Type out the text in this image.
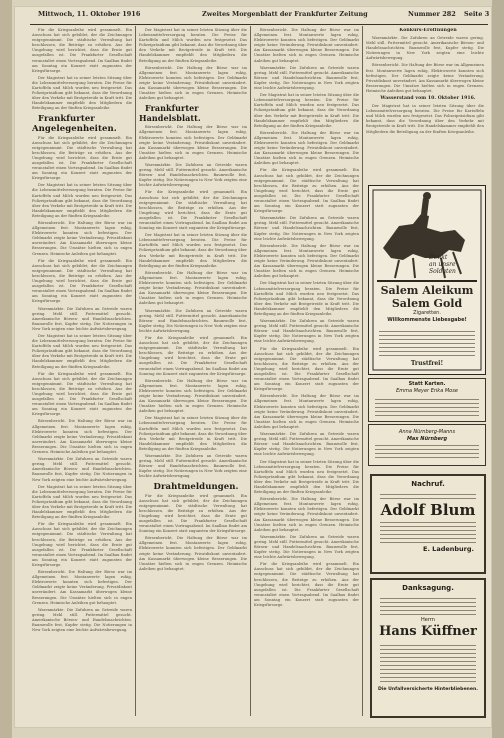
Mittwoch, 11. Oktober 1916	Zweites Morgenblatt der Frankfurter Zeitung	Nummer 282 Seite 3

Für die Kriegsanleihe wird gesammelt. Ein Ausschuss hat sich gebildet, der die Zeichnungen entgegennimmt. Die städtische Verwaltung hat beschlossen, die Beiträge zu erhöhen. Aus der Umgebung wird berichtet, dass die Ernte gut ausgefallen ist. Die Frankfurter Gesellschaft veranstaltet einen Vortragsabend. Im Saalbau findet am Sonntag ein Konzert statt zugunsten der Kriegsfürsorge.

Der Magistrat hat in seiner letzten Sitzung über die Lebensmittelversorgung beraten. Die Preise für Kartoffeln und Milch wurden neu festgesetzt. Das Polizeipräsidium gibt bekannt, dass die Verordnung über den Verkehr mit Brotgetreide in Kraft tritt. Die Handelskammer empfiehlt den Mitgliedern die Beteiligung an der fünften Kriegsanleihe.

Frankfurter Angelegenheiten.

Für die Kriegsanleihe wird gesammelt. Ein Ausschuss hat sich gebildet, der die Zeichnungen entgegennimmt. Die städtische Verwaltung hat beschlossen, die Beiträge zu erhöhen. Aus der Umgebung wird berichtet, dass die Ernte gut ausgefallen ist. Die Frankfurter Gesellschaft veranstaltet einen Vortragsabend. Im Saalbau findet am Sonntag ein Konzert statt zugunsten der Kriegsfürsorge.

Der Magistrat hat in seiner letzten Sitzung über die Lebensmittelversorgung beraten. Die Preise für Kartoffeln und Milch wurden neu festgesetzt. Das Polizeipräsidium gibt bekannt, dass die Verordnung über den Verkehr mit Brotgetreide in Kraft tritt. Die Handelskammer empfiehlt den Mitgliedern die Beteiligung an der fünften Kriegsanleihe.

Börsenbericht. Die Haltung der Börse war im Allgemeinen fest. Montanwerte lagen ruhig, Elektrowerte konnten sich befestigen. Der Geldmarkt zeigte keine Veränderung. Privatdiskont unverändert. Am Kassamarkt überwogen kleine Besserungen. Die Umsätze hielten sich in engen Grenzen. Heimische Anleihen gut behauptet.

Für die Kriegsanleihe wird gesammelt. Ein Ausschuss hat sich gebildet, der die Zeichnungen entgegennimmt. Die städtische Verwaltung hat beschlossen, die Beiträge zu erhöhen. Aus der Umgebung wird berichtet, dass die Ernte gut ausgefallen ist. Die Frankfurter Gesellschaft veranstaltet einen Vortragsabend. Im Saalbau findet am Sonntag ein Konzert statt zugunsten der Kriegsfürsorge.

Warenmärkte. Die Zufuhren an Getreide waren gering. Mehl still. Futtermittel gesucht. Amerikanische Börsen- und Handelsnachrichten. Baumwolle fest, Kupfer stetig. Die Notierungen in New York zeigten eine leichte Aufwärtsbewegung.

Der Magistrat hat in seiner letzten Sitzung über die Lebensmittelversorgung beraten. Die Preise für Kartoffeln und Milch wurden neu festgesetzt. Das Polizeipräsidium gibt bekannt, dass die Verordnung über den Verkehr mit Brotgetreide in Kraft tritt. Die Handelskammer empfiehlt den Mitgliedern die Beteiligung an der fünften Kriegsanleihe.

Für die Kriegsanleihe wird gesammelt. Ein Ausschuss hat sich gebildet, der die Zeichnungen entgegennimmt. Die städtische Verwaltung hat beschlossen, die Beiträge zu erhöhen. Aus der Umgebung wird berichtet, dass die Ernte gut ausgefallen ist. Die Frankfurter Gesellschaft veranstaltet einen Vortragsabend. Im Saalbau findet am Sonntag ein Konzert statt zugunsten der Kriegsfürsorge.

Börsenbericht. Die Haltung der Börse war im Allgemeinen fest. Montanwerte lagen ruhig, Elektrowerte konnten sich befestigen. Der Geldmarkt zeigte keine Veränderung. Privatdiskont unverändert. Am Kassamarkt überwogen kleine Besserungen. Die Umsätze hielten sich in engen Grenzen. Heimische Anleihen gut behauptet.

Warenmärkte. Die Zufuhren an Getreide waren gering. Mehl still. Futtermittel gesucht. Amerikanische Börsen- und Handelsnachrichten. Baumwolle fest, Kupfer stetig. Die Notierungen in New York zeigten eine leichte Aufwärtsbewegung.

Der Magistrat hat in seiner letzten Sitzung über die Lebensmittelversorgung beraten. Die Preise für Kartoffeln und Milch wurden neu festgesetzt. Das Polizeipräsidium gibt bekannt, dass die Verordnung über den Verkehr mit Brotgetreide in Kraft tritt. Die Handelskammer empfiehlt den Mitgliedern die Beteiligung an der fünften Kriegsanleihe.

Für die Kriegsanleihe wird gesammelt. Ein Ausschuss hat sich gebildet, der die Zeichnungen entgegennimmt. Die städtische Verwaltung hat beschlossen, die Beiträge zu erhöhen. Aus der Umgebung wird berichtet, dass die Ernte gut ausgefallen ist. Die Frankfurter Gesellschaft veranstaltet einen Vortragsabend. Im Saalbau findet am Sonntag ein Konzert statt zugunsten der Kriegsfürsorge.

Börsenbericht. Die Haltung der Börse war im Allgemeinen fest. Montanwerte lagen ruhig, Elektrowerte konnten sich befestigen. Der Geldmarkt zeigte keine Veränderung. Privatdiskont unverändert. Am Kassamarkt überwogen kleine Besserungen. Die Umsätze hielten sich in engen Grenzen. Heimische Anleihen gut behauptet.

Warenmärkte. Die Zufuhren an Getreide waren gering. Mehl still. Futtermittel gesucht. Amerikanische Börsen- und Handelsnachrichten. Baumwolle fest, Kupfer stetig. Die Notierungen in New York zeigten eine leichte Aufwärtsbewegung.

Der Magistrat hat in seiner letzten Sitzung über die Lebensmittelversorgung beraten. Die Preise für Kartoffeln und Milch wurden neu festgesetzt. Das Polizeipräsidium gibt bekannt, dass die Verordnung über den Verkehr mit Brotgetreide in Kraft tritt. Die Handelskammer empfiehlt den Mitgliedern die Beteiligung an der fünften Kriegsanleihe.

Börsenbericht. Die Haltung der Börse war im Allgemeinen fest. Montanwerte lagen ruhig, Elektrowerte konnten sich befestigen. Der Geldmarkt zeigte keine Veränderung. Privatdiskont unverändert. Am Kassamarkt überwogen kleine Besserungen. Die Umsätze hielten sich in engen Grenzen. Heimische Anleihen gut behauptet.

Frankfurter Handelsblatt.

Börsenbericht. Die Haltung der Börse war im Allgemeinen fest. Montanwerte lagen ruhig, Elektrowerte konnten sich befestigen. Der Geldmarkt zeigte keine Veränderung. Privatdiskont unverändert. Am Kassamarkt überwogen kleine Besserungen. Die Umsätze hielten sich in engen Grenzen. Heimische Anleihen gut behauptet.

Warenmärkte. Die Zufuhren an Getreide waren gering. Mehl still. Futtermittel gesucht. Amerikanische Börsen- und Handelsnachrichten. Baumwolle fest, Kupfer stetig. Die Notierungen in New York zeigten eine leichte Aufwärtsbewegung.

Für die Kriegsanleihe wird gesammelt. Ein Ausschuss hat sich gebildet, der die Zeichnungen entgegennimmt. Die städtische Verwaltung hat beschlossen, die Beiträge zu erhöhen. Aus der Umgebung wird berichtet, dass die Ernte gut ausgefallen ist. Die Frankfurter Gesellschaft veranstaltet einen Vortragsabend. Im Saalbau findet am Sonntag ein Konzert statt zugunsten der Kriegsfürsorge.

Der Magistrat hat in seiner letzten Sitzung über die Lebensmittelversorgung beraten. Die Preise für Kartoffeln und Milch wurden neu festgesetzt. Das Polizeipräsidium gibt bekannt, dass die Verordnung über den Verkehr mit Brotgetreide in Kraft tritt. Die Handelskammer empfiehlt den Mitgliedern die Beteiligung an der fünften Kriegsanleihe.

Börsenbericht. Die Haltung der Börse war im Allgemeinen fest. Montanwerte lagen ruhig, Elektrowerte konnten sich befestigen. Der Geldmarkt zeigte keine Veränderung. Privatdiskont unverändert. Am Kassamarkt überwogen kleine Besserungen. Die Umsätze hielten sich in engen Grenzen. Heimische Anleihen gut behauptet.

Warenmärkte. Die Zufuhren an Getreide waren gering. Mehl still. Futtermittel gesucht. Amerikanische Börsen- und Handelsnachrichten. Baumwolle fest, Kupfer stetig. Die Notierungen in New York zeigten eine leichte Aufwärtsbewegung.

Für die Kriegsanleihe wird gesammelt. Ein Ausschuss hat sich gebildet, der die Zeichnungen entgegennimmt. Die städtische Verwaltung hat beschlossen, die Beiträge zu erhöhen. Aus der Umgebung wird berichtet, dass die Ernte gut ausgefallen ist. Die Frankfurter Gesellschaft veranstaltet einen Vortragsabend. Im Saalbau findet am Sonntag ein Konzert statt zugunsten der Kriegsfürsorge.

Börsenbericht. Die Haltung der Börse war im Allgemeinen fest. Montanwerte lagen ruhig, Elektrowerte konnten sich befestigen. Der Geldmarkt zeigte keine Veränderung. Privatdiskont unverändert. Am Kassamarkt überwogen kleine Besserungen. Die Umsätze hielten sich in engen Grenzen. Heimische Anleihen gut behauptet.

Der Magistrat hat in seiner letzten Sitzung über die Lebensmittelversorgung beraten. Die Preise für Kartoffeln und Milch wurden neu festgesetzt. Das Polizeipräsidium gibt bekannt, dass die Verordnung über den Verkehr mit Brotgetreide in Kraft tritt. Die Handelskammer empfiehlt den Mitgliedern die Beteiligung an der fünften Kriegsanleihe.

Warenmärkte. Die Zufuhren an Getreide waren gering. Mehl still. Futtermittel gesucht. Amerikanische Börsen- und Handelsnachrichten. Baumwolle fest, Kupfer stetig. Die Notierungen in New York zeigten eine leichte Aufwärtsbewegung.

Drahtmeldungen.

Für die Kriegsanleihe wird gesammelt. Ein Ausschuss hat sich gebildet, der die Zeichnungen entgegennimmt. Die städtische Verwaltung hat beschlossen, die Beiträge zu erhöhen. Aus der Umgebung wird berichtet, dass die Ernte gut ausgefallen ist. Die Frankfurter Gesellschaft veranstaltet einen Vortragsabend. Im Saalbau findet am Sonntag ein Konzert statt zugunsten der Kriegsfürsorge.

Börsenbericht. Die Haltung der Börse war im Allgemeinen fest. Montanwerte lagen ruhig, Elektrowerte konnten sich befestigen. Der Geldmarkt zeigte keine Veränderung. Privatdiskont unverändert. Am Kassamarkt überwogen kleine Besserungen. Die Umsätze hielten sich in engen Grenzen. Heimische Anleihen gut behauptet.

Börsenbericht. Die Haltung der Börse war im Allgemeinen fest. Montanwerte lagen ruhig, Elektrowerte konnten sich befestigen. Der Geldmarkt zeigte keine Veränderung. Privatdiskont unverändert. Am Kassamarkt überwogen kleine Besserungen. Die Umsätze hielten sich in engen Grenzen. Heimische Anleihen gut behauptet.

Warenmärkte. Die Zufuhren an Getreide waren gering. Mehl still. Futtermittel gesucht. Amerikanische Börsen- und Handelsnachrichten. Baumwolle fest, Kupfer stetig. Die Notierungen in New York zeigten eine leichte Aufwärtsbewegung.

Der Magistrat hat in seiner letzten Sitzung über die Lebensmittelversorgung beraten. Die Preise für Kartoffeln und Milch wurden neu festgesetzt. Das Polizeipräsidium gibt bekannt, dass die Verordnung über den Verkehr mit Brotgetreide in Kraft tritt. Die Handelskammer empfiehlt den Mitgliedern die Beteiligung an der fünften Kriegsanleihe.

Börsenbericht. Die Haltung der Börse war im Allgemeinen fest. Montanwerte lagen ruhig, Elektrowerte konnten sich befestigen. Der Geldmarkt zeigte keine Veränderung. Privatdiskont unverändert. Am Kassamarkt überwogen kleine Besserungen. Die Umsätze hielten sich in engen Grenzen. Heimische Anleihen gut behauptet.

Für die Kriegsanleihe wird gesammelt. Ein Ausschuss hat sich gebildet, der die Zeichnungen entgegennimmt. Die städtische Verwaltung hat beschlossen, die Beiträge zu erhöhen. Aus der Umgebung wird berichtet, dass die Ernte gut ausgefallen ist. Die Frankfurter Gesellschaft veranstaltet einen Vortragsabend. Im Saalbau findet am Sonntag ein Konzert statt zugunsten der Kriegsfürsorge.

Warenmärkte. Die Zufuhren an Getreide waren gering. Mehl still. Futtermittel gesucht. Amerikanische Börsen- und Handelsnachrichten. Baumwolle fest, Kupfer stetig. Die Notierungen in New York zeigten eine leichte Aufwärtsbewegung.

Börsenbericht. Die Haltung der Börse war im Allgemeinen fest. Montanwerte lagen ruhig, Elektrowerte konnten sich befestigen. Der Geldmarkt zeigte keine Veränderung. Privatdiskont unverändert. Am Kassamarkt überwogen kleine Besserungen. Die Umsätze hielten sich in engen Grenzen. Heimische Anleihen gut behauptet.

Der Magistrat hat in seiner letzten Sitzung über die Lebensmittelversorgung beraten. Die Preise für Kartoffeln und Milch wurden neu festgesetzt. Das Polizeipräsidium gibt bekannt, dass die Verordnung über den Verkehr mit Brotgetreide in Kraft tritt. Die Handelskammer empfiehlt den Mitgliedern die Beteiligung an der fünften Kriegsanleihe.

Warenmärkte. Die Zufuhren an Getreide waren gering. Mehl still. Futtermittel gesucht. Amerikanische Börsen- und Handelsnachrichten. Baumwolle fest, Kupfer stetig. Die Notierungen in New York zeigten eine leichte Aufwärtsbewegung.

Für die Kriegsanleihe wird gesammelt. Ein Ausschuss hat sich gebildet, der die Zeichnungen entgegennimmt. Die städtische Verwaltung hat beschlossen, die Beiträge zu erhöhen. Aus der Umgebung wird berichtet, dass die Ernte gut ausgefallen ist. Die Frankfurter Gesellschaft veranstaltet einen Vortragsabend. Im Saalbau findet am Sonntag ein Konzert statt zugunsten der Kriegsfürsorge.

Börsenbericht. Die Haltung der Börse war im Allgemeinen fest. Montanwerte lagen ruhig, Elektrowerte konnten sich befestigen. Der Geldmarkt zeigte keine Veränderung. Privatdiskont unverändert. Am Kassamarkt überwogen kleine Besserungen. Die Umsätze hielten sich in engen Grenzen. Heimische Anleihen gut behauptet.

Warenmärkte. Die Zufuhren an Getreide waren gering. Mehl still. Futtermittel gesucht. Amerikanische Börsen- und Handelsnachrichten. Baumwolle fest, Kupfer stetig. Die Notierungen in New York zeigten eine leichte Aufwärtsbewegung.

Der Magistrat hat in seiner letzten Sitzung über die Lebensmittelversorgung beraten. Die Preise für Kartoffeln und Milch wurden neu festgesetzt. Das Polizeipräsidium gibt bekannt, dass die Verordnung über den Verkehr mit Brotgetreide in Kraft tritt. Die Handelskammer empfiehlt den Mitgliedern die Beteiligung an der fünften Kriegsanleihe.

Börsenbericht. Die Haltung der Börse war im Allgemeinen fest. Montanwerte lagen ruhig, Elektrowerte konnten sich befestigen. Der Geldmarkt zeigte keine Veränderung. Privatdiskont unverändert. Am Kassamarkt überwogen kleine Besserungen. Die Umsätze hielten sich in engen Grenzen. Heimische Anleihen gut behauptet.

Warenmärkte. Die Zufuhren an Getreide waren gering. Mehl still. Futtermittel gesucht. Amerikanische Börsen- und Handelsnachrichten. Baumwolle fest, Kupfer stetig. Die Notierungen in New York zeigten eine leichte Aufwärtsbewegung.

Für die Kriegsanleihe wird gesammelt. Ein Ausschuss hat sich gebildet, der die Zeichnungen entgegennimmt. Die städtische Verwaltung hat beschlossen, die Beiträge zu erhöhen. Aus der Umgebung wird berichtet, dass die Ernte gut ausgefallen ist. Die Frankfurter Gesellschaft veranstaltet einen Vortragsabend. Im Saalbau findet am Sonntag ein Konzert statt zugunsten der Kriegsfürsorge.

Konkurs-Eröffnungen

Warenmärkte. Die Zufuhren an Getreide waren gering. Mehl still. Futtermittel gesucht. Amerikanische Börsen- und Handelsnachrichten. Baumwolle fest, Kupfer stetig. Die Notierungen in New York zeigten eine leichte Aufwärtsbewegung.

Börsenbericht. Die Haltung der Börse war im Allgemeinen fest. Montanwerte lagen ruhig, Elektrowerte konnten sich befestigen. Der Geldmarkt zeigte keine Veränderung. Privatdiskont unverändert. Am Kassamarkt überwogen kleine Besserungen. Die Umsätze hielten sich in engen Grenzen. Heimische Anleihen gut behauptet.

Wasserstand vom 10. Oktober 1916.

Der Magistrat hat in seiner letzten Sitzung über die Lebensmittelversorgung beraten. Die Preise für Kartoffeln und Milch wurden neu festgesetzt. Das Polizeipräsidium gibt bekannt, dass die Verordnung über den Verkehr mit Brotgetreide in Kraft tritt. Die Handelskammer empfiehlt den Mitgliedern die Beteiligung an der fünften Kriegsanleihe.

Denkt
an unsre Soldaten
Salem Aleikum
Salem Gold
Zigaretten.
Willkommenste Liebesgabe!
Trustfrei!
Statt Karten.
Emma Meyer Erika Mose
Anna Nürnberg-Manns
Max Nürnberg
Nachruf.
Adolf Blum
E. Ladenburg.
Danksagung.
Herrn
Hans Küffner
Die Unfallversicherte Hinterbliebenen.
